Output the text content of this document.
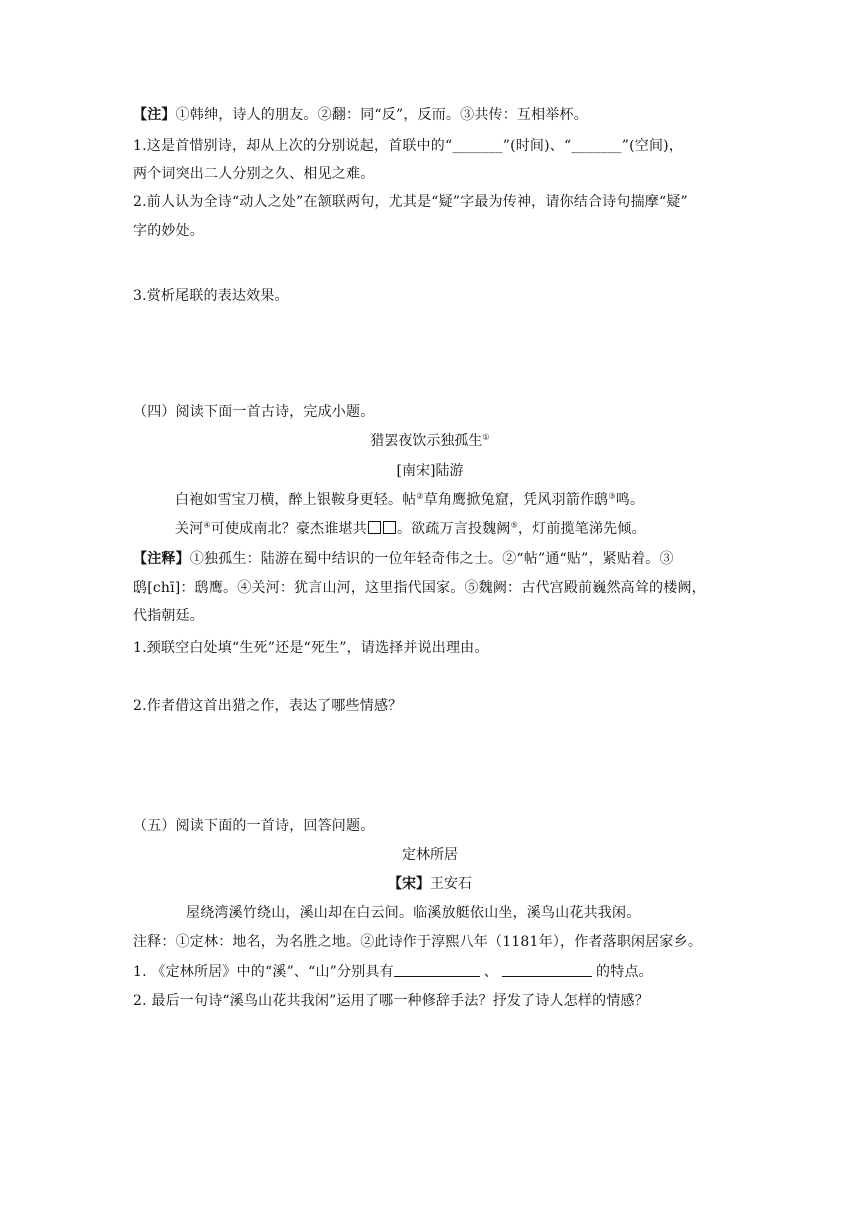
【注】①韩绅，诗人的朋友。②翻：同“反”，反而。③共传：互相举杯。
1.这是首惜别诗，却从上次的分别说起，首联中的“_______”(时间)、“_______”(空间)，
两个词突出二人分别之久、相见之难。
2.前人认为全诗“动人之处”在颔联两句，尤其是“疑”字最为传神，请你结合诗句揣摩“疑”
字的妙处。
3.赏析尾联的表达效果。
（四）阅读下面一首古诗，完成小题。
猎罢夜饮示独孤生①
[南宋]陆游
白袍如雪宝刀横，醉上银鞍身更轻。帖②草角鹰掀兔窟，凭风羽箭作鸱③鸣。
关河④可使成南北？豪杰谁堪共 。欲疏万言投魏阙⑤，灯前揽笔涕先倾。
【注释】①独孤生：陆游在蜀中结识的一位年轻奇伟之士。②“帖”通“贴”，紧贴着。③
鸱[chī]：鸱鹰。④关河：犹言山河，这里指代国家。⑤魏阙：古代宫殿前巍然高耸的楼阙，
代指朝廷。
1.颈联空白处填“生死”还是“死生”，请选择并说出理由。
2.作者借这首出猎之作，表达了哪些情感？
（五）阅读下面的一首诗，回答问题。
定林所居
【宋】王安石
屋绕湾溪竹绕山，溪山却在白云间。临溪放艇依山坐，溪鸟山花共我闲。
注释：①定林：地名，为名胜之地。②此诗作于淳熙八年（1181年），作者落职闲居家乡。
1. 《定林所居》中的“溪”、“山”分别具有	、	的特点。
2. 最后一句诗“溪鸟山花共我闲”运用了哪一种修辞手法？抒发了诗人怎样的情感？
